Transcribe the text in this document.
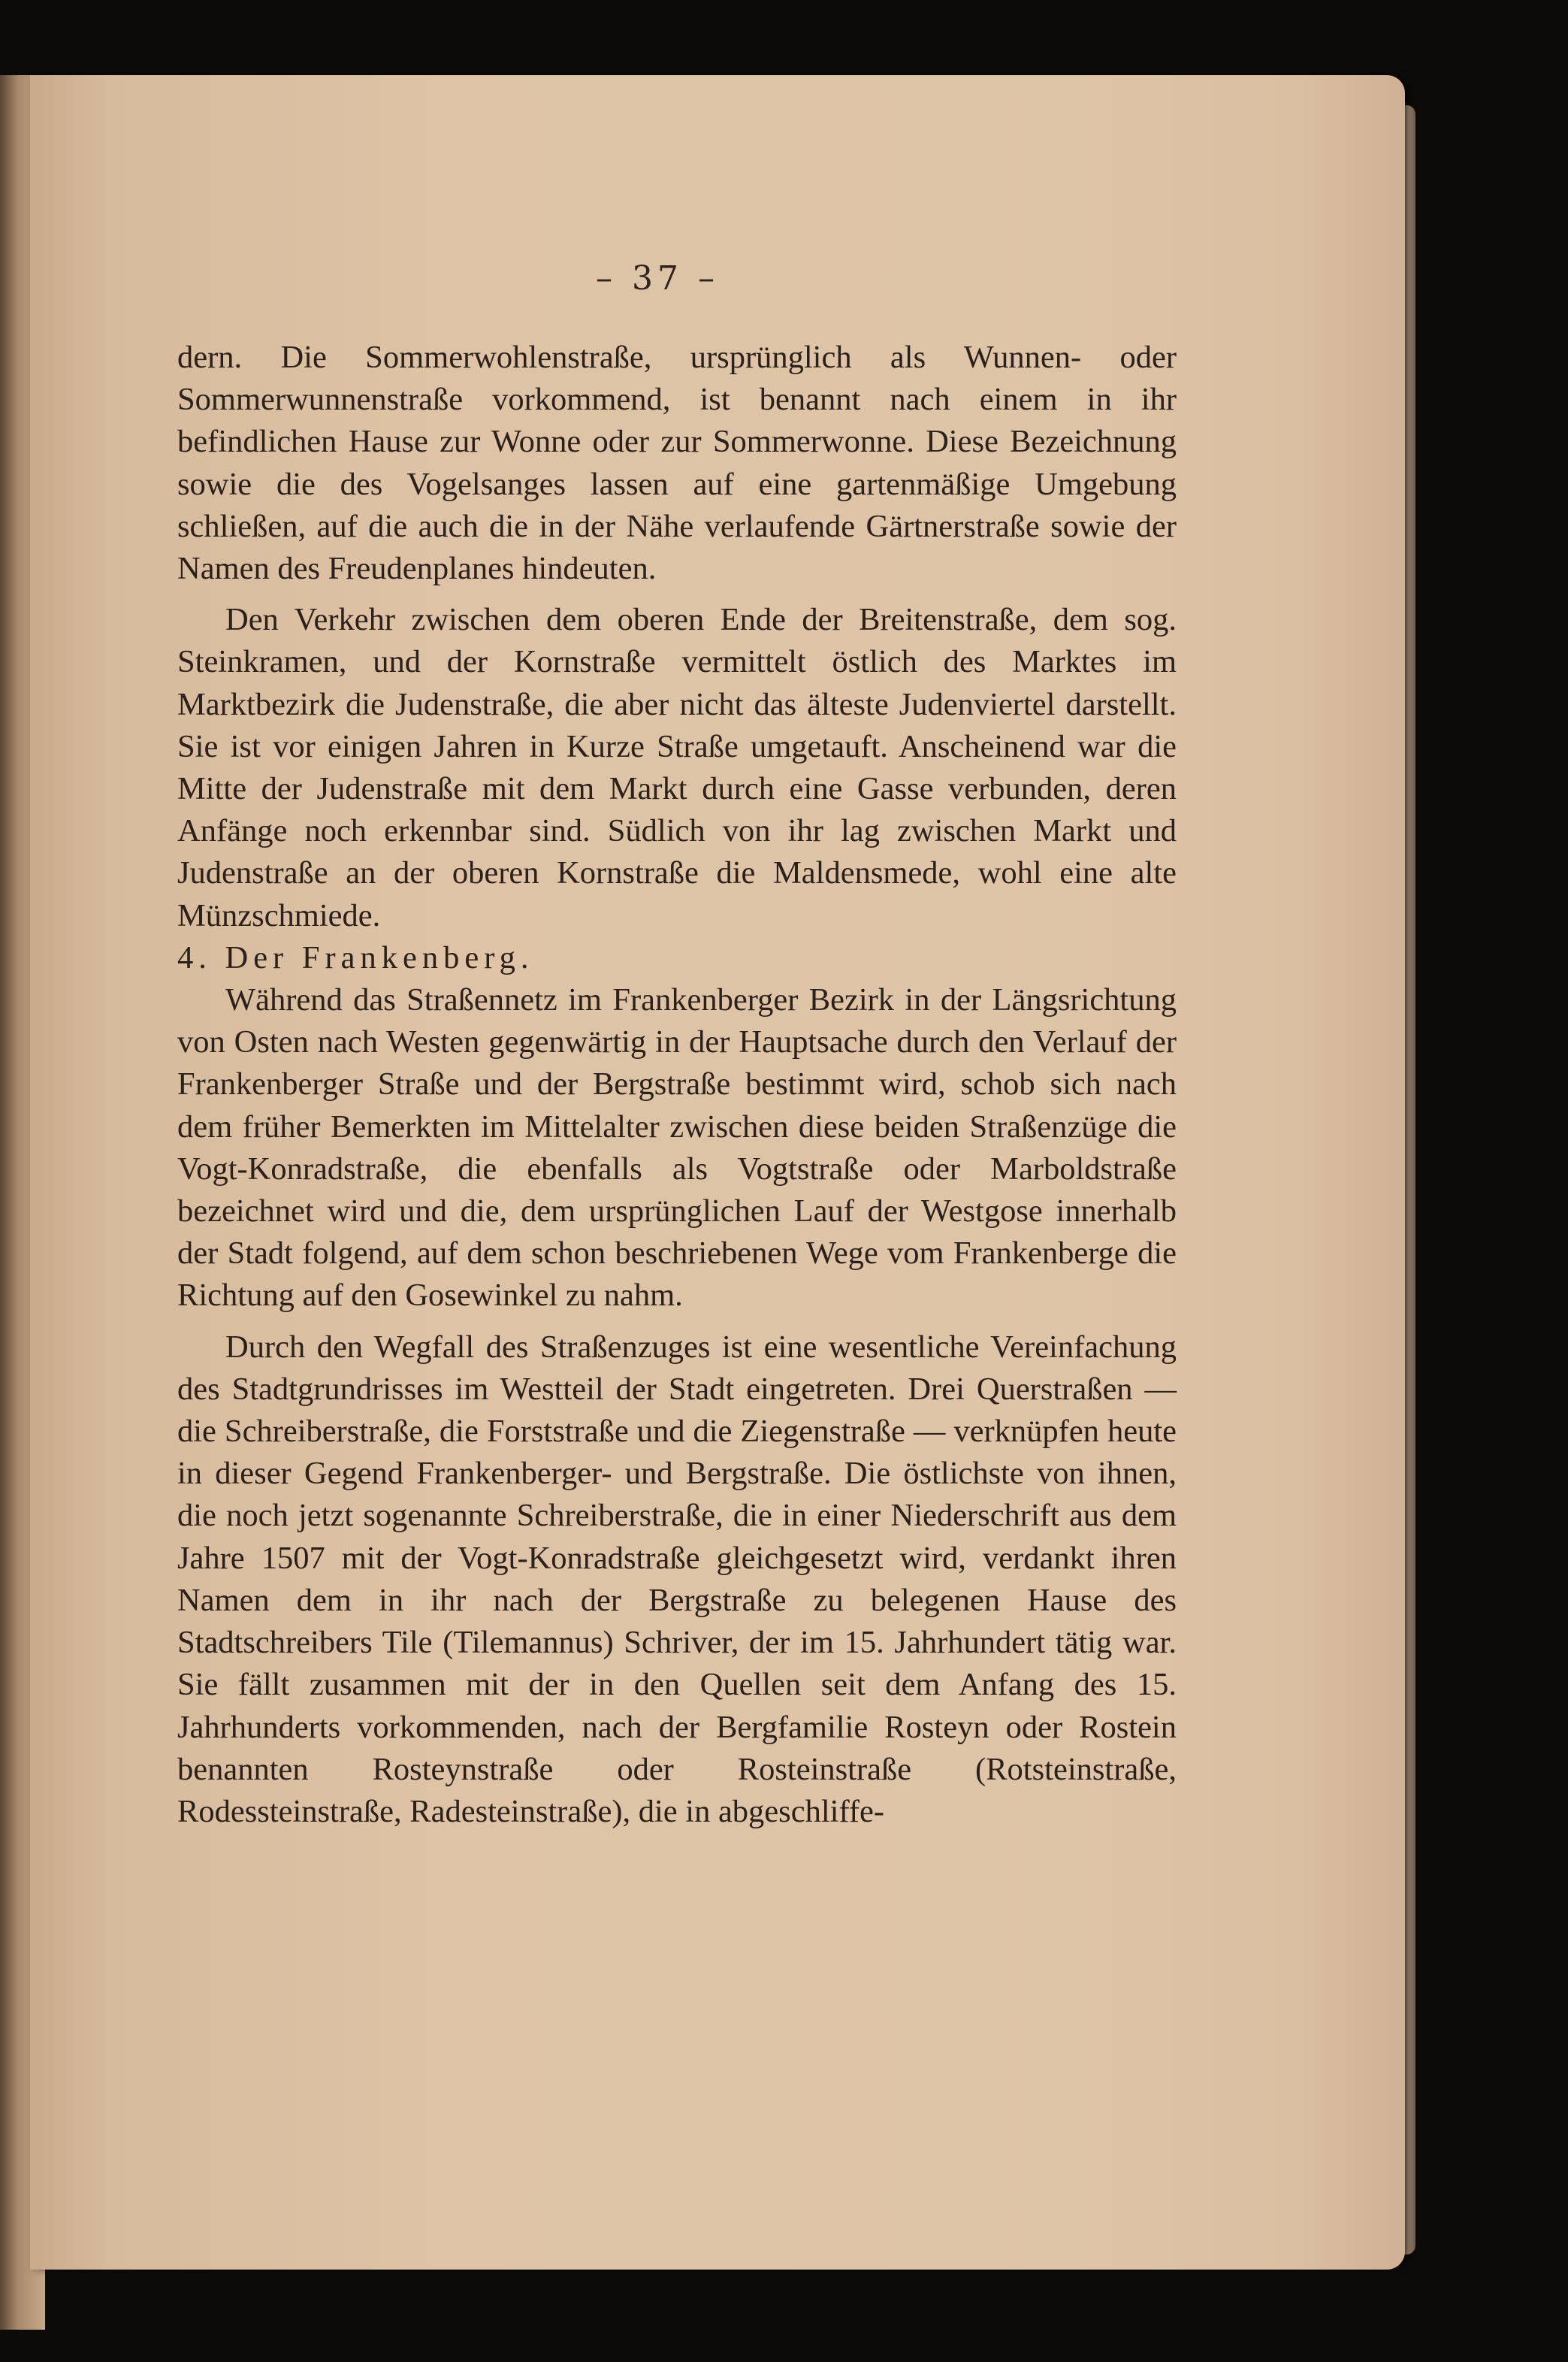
– 37 –

dern. Die Sommerwohlenstraße, ursprünglich als Wunnen- oder Sommerwunnenstraße vorkommend, ist benannt nach einem in ihr befindlichen Hause zur Wonne oder zur Sommerwonne. Diese Bezeichnung sowie die des Vogelsanges lassen auf eine gartenmäßige Umgebung schließen, auf die auch die in der Nähe verlaufende Gärtnerstraße sowie der Namen des Freudenplanes hindeuten.

Den Verkehr zwischen dem oberen Ende der Breitenstraße, dem sog. Steinkramen, und der Kornstraße vermittelt östlich des Marktes im Marktbezirk die Judenstraße, die aber nicht das älteste Judenviertel darstellt. Sie ist vor einigen Jahren in Kurze Straße umgetauft. Anscheinend war die Mitte der Judenstraße mit dem Markt durch eine Gasse verbunden, deren Anfänge noch erkennbar sind. Südlich von ihr lag zwischen Markt und Judenstraße an der oberen Kornstraße die Maldensmede, wohl eine alte Münzschmiede.

4. Der Frankenberg.

Während das Straßennetz im Frankenberger Bezirk in der Längsrichtung von Osten nach Westen gegenwärtig in der Hauptsache durch den Verlauf der Frankenberger Straße und der Bergstraße bestimmt wird, schob sich nach dem früher Bemerkten im Mittelalter zwischen diese beiden Straßenzüge die Vogt-Konradstraße, die ebenfalls als Vogtstraße oder Marboldstraße bezeichnet wird und die, dem ursprünglichen Lauf der Westgose innerhalb der Stadt folgend, auf dem schon beschriebenen Wege vom Frankenberge die Richtung auf den Gosewinkel zu nahm.

Durch den Wegfall des Straßenzuges ist eine wesentliche Vereinfachung des Stadtgrundrisses im Westteil der Stadt eingetreten. Drei Querstraßen — die Schreiberstraße, die Forststraße und die Ziegenstraße — verknüpfen heute in dieser Gegend Frankenberger- und Bergstraße. Die östlichste von ihnen, die noch jetzt sogenannte Schreiberstraße, die in einer Niederschrift aus dem Jahre 1507 mit der Vogt-Konradstraße gleichgesetzt wird, verdankt ihren Namen dem in ihr nach der Bergstraße zu belegenen Hause des Stadtschreibers Tile (Tilemannus) Schriver, der im 15. Jahrhundert tätig war. Sie fällt zusammen mit der in den Quellen seit dem Anfang des 15. Jahrhunderts vorkommenden, nach der Bergfamilie Rosteyn oder Rostein benannten Rosteynstraße oder Rosteinstraße (Rotsteinstraße, Rodessteinstraße, Radesteinstraße), die in abgeschliffe-
